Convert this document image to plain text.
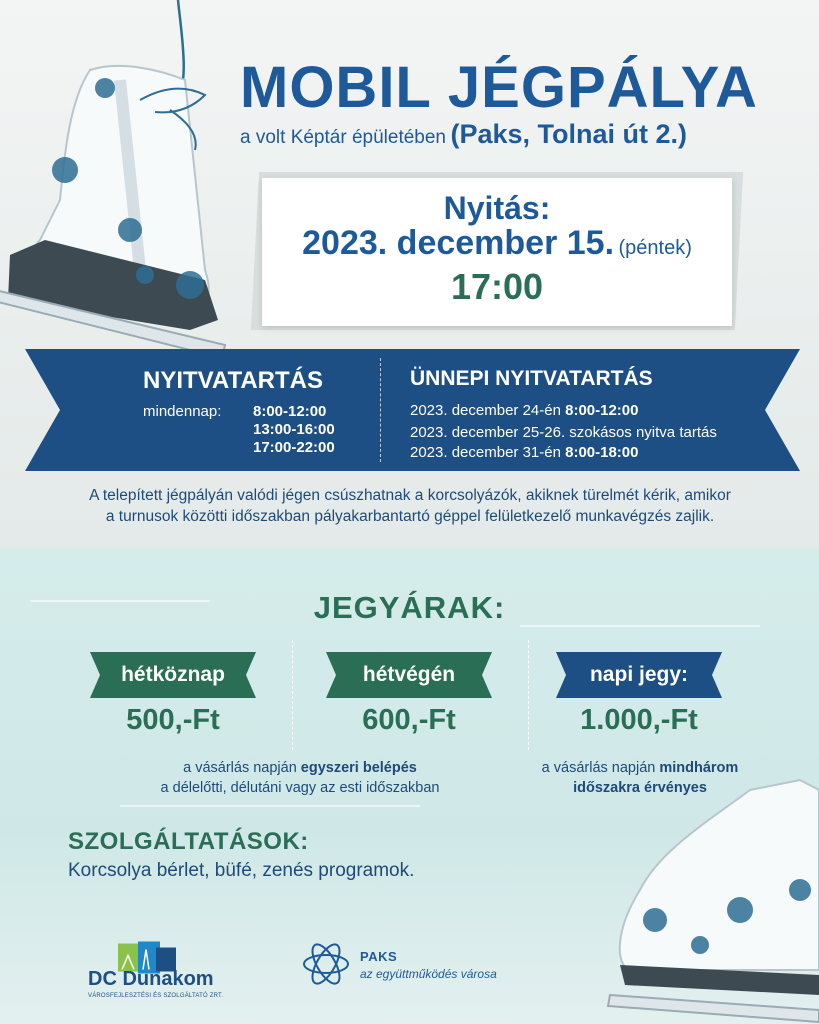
MOBIL JÉGPÁLYA
a volt Képtár épületében (Paks, Tolnai út 2.)
Nyitás:
2023. december 15. (péntek)
17:00
NYITVATARTÁS
mindennap: 8:00-12:00
13:00-16:00
17:00-22:00
ÜNNEPI NYITVATARTÁS
2023. december 24-én 8:00-12:00
2023. december 25-26. szokásos nyitva tartás
2023. december 31-én 8:00-18:00
A telepített jégpályán valódi jégen csúszhatnak a korcsolyázók, akiknek türelmét kérik, amikor
a turnusok közötti időszakban pályakarbantartó géppel felületkezelő munkavégzés zajlik.
JEGYÁRAK:
hétköznap	hétvégén	napi jegy:
500,-Ft	600,-Ft	1.000,-Ft
a vásárlás napján egyszeri belépés
a délelőtti, délutáni vagy az esti időszakban
a vásárlás napján mindhárom
időszakra érvényes
SZOLGÁLTATÁSOK:
Korcsolya bérlet, büfé, zenés programok.
DC Dunakom
VÁROSFEJLESZTÉSI ÉS SZOLGÁLTATÓ ZRT.
PAKS
az együttműködés városa
